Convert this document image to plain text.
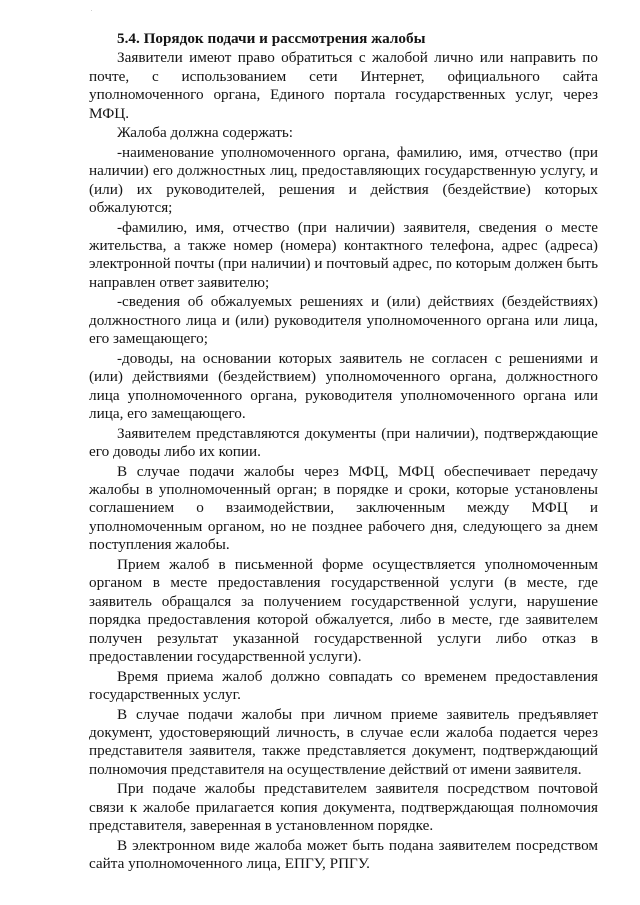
5.4. Порядок подачи и рассмотрения жалобы

Заявители имеют право обратиться с жалобой лично или направить по почте, с использованием сети Интернет, официального сайта уполномоченного органа, Единого портала государственных услуг, через МФЦ.

Жалоба должна содержать:

-наименование уполномоченного органа, фамилию, имя, отчество (при наличии) его должностных лиц, предоставляющих государственную услугу, и (или) их руководителей, решения и действия (бездействие) которых обжалуются;

-фамилию, имя, отчество (при наличии) заявителя, сведения о месте жительства, а также номер (номера) контактного телефона, адрес (адреса) электронной почты (при наличии) и почтовый адрес, по которым должен быть направлен ответ заявителю;

-сведения об обжалуемых решениях и (или) действиях (бездействиях) должностного лица и (или) руководителя уполномоченного органа или лица, его замещающего;

-доводы, на основании которых заявитель не согласен с решениями и (или) действиями (бездействием) уполномоченного органа, должностного лица уполномоченного органа, руководителя уполномоченного органа или лица, его замещающего.

Заявителем представляются документы (при наличии), подтверждающие его доводы либо их копии.

В случае подачи жалобы через МФЦ, МФЦ обеспечивает передачу жалобы в уполномоченный орган; в порядке и сроки, которые установлены соглашением о взаимодействии, заключенным между МФЦ и уполномоченным органом, но не позднее рабочего дня, следующего за днем поступления жалобы.

Прием жалоб в письменной форме осуществляется уполномоченным органом в месте предоставления государственной услуги (в месте, где заявитель обращался за получением государственной услуги, нарушение порядка предоставления которой обжалуется, либо в месте, где заявителем получен результат указанной государственной услуги либо отказ в предоставлении государственной услуги).

Время приема жалоб должно совпадать со временем предоставления государственных услуг.

В случае подачи жалобы при личном приеме заявитель предъявляет документ, удостоверяющий личность, в случае если жалоба подается через представителя заявителя, также представляется документ, подтверждающий полномочия представителя на осуществление действий от имени заявителя.

При подаче жалобы представителем заявителя посредством почтовой связи к жалобе прилагается копия документа, подтверждающая полномочия представителя, заверенная в установленном порядке.

В электронном виде жалоба может быть подана заявителем посредством сайта уполномоченного лица, ЕПГУ, РПГУ.
